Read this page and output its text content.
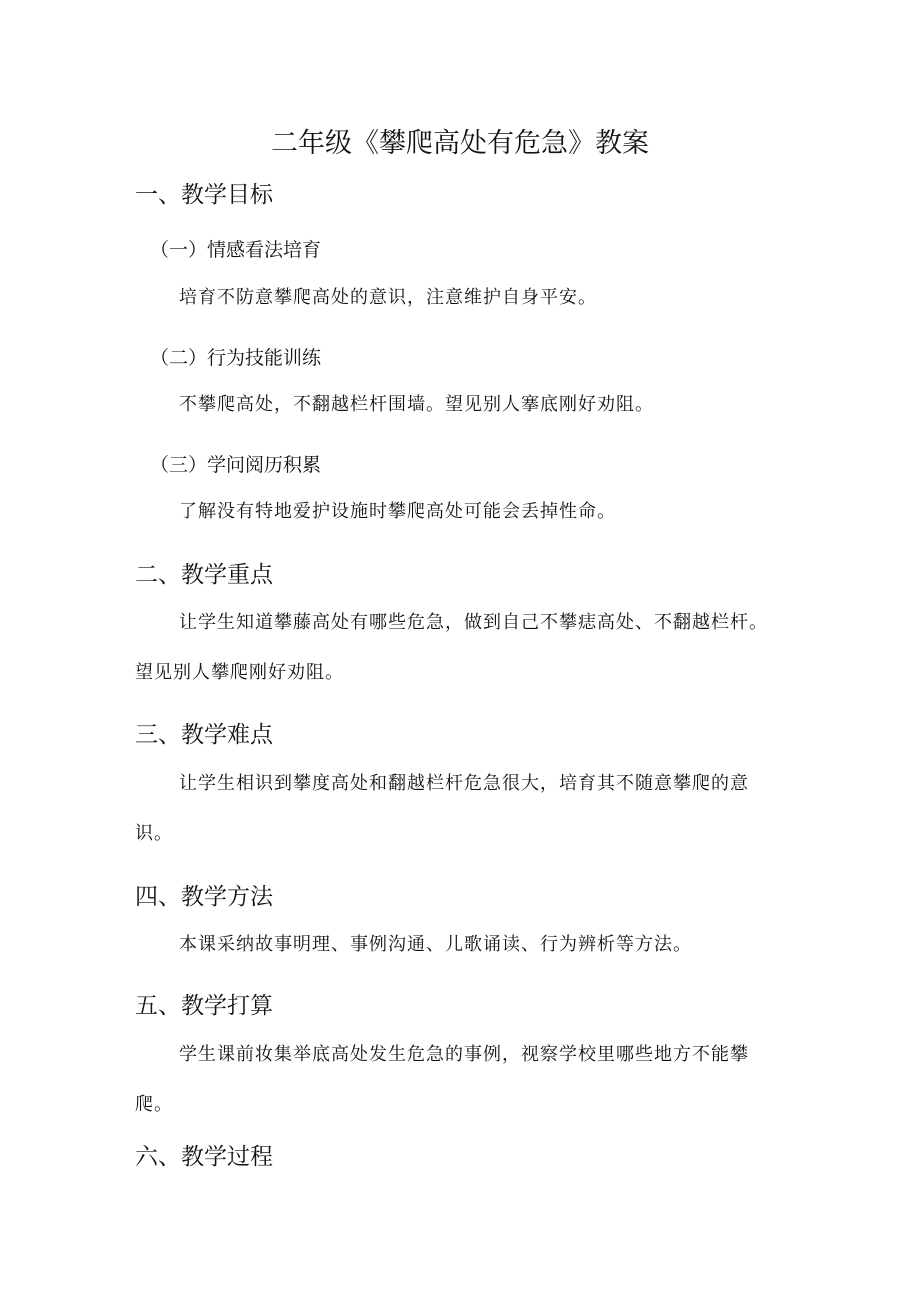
二年级《攀爬高处有危急》教案
一、教学目标
（一）情感看法培育
培育不防意攀爬高处的意识，注意维护自身平安。
（二）行为技能训练
不攀爬高处，不翻越栏杆围墙。望见别人搴底刚好劝阻。
（三）学问阅历积累
了解没有特地爱护设施时攀爬高处可能会丢掉性命。
二、教学重点
让学生知道攀藤高处有哪些危急，做到自己不攀痣高处、不翻越栏杆。望见别人攀爬刚好劝阻。
三、教学难点
让学生相识到攀度高处和翻越栏杆危急很大，培育其不随意攀爬的意识。
四、教学方法
本课采纳故事明理、事例沟通、儿歌诵读、行为辨析等方法。
五、教学打算
学生课前妆集举底高处发生危急的事例，视察学校里哪些地方不能攀爬。
六、教学过程
